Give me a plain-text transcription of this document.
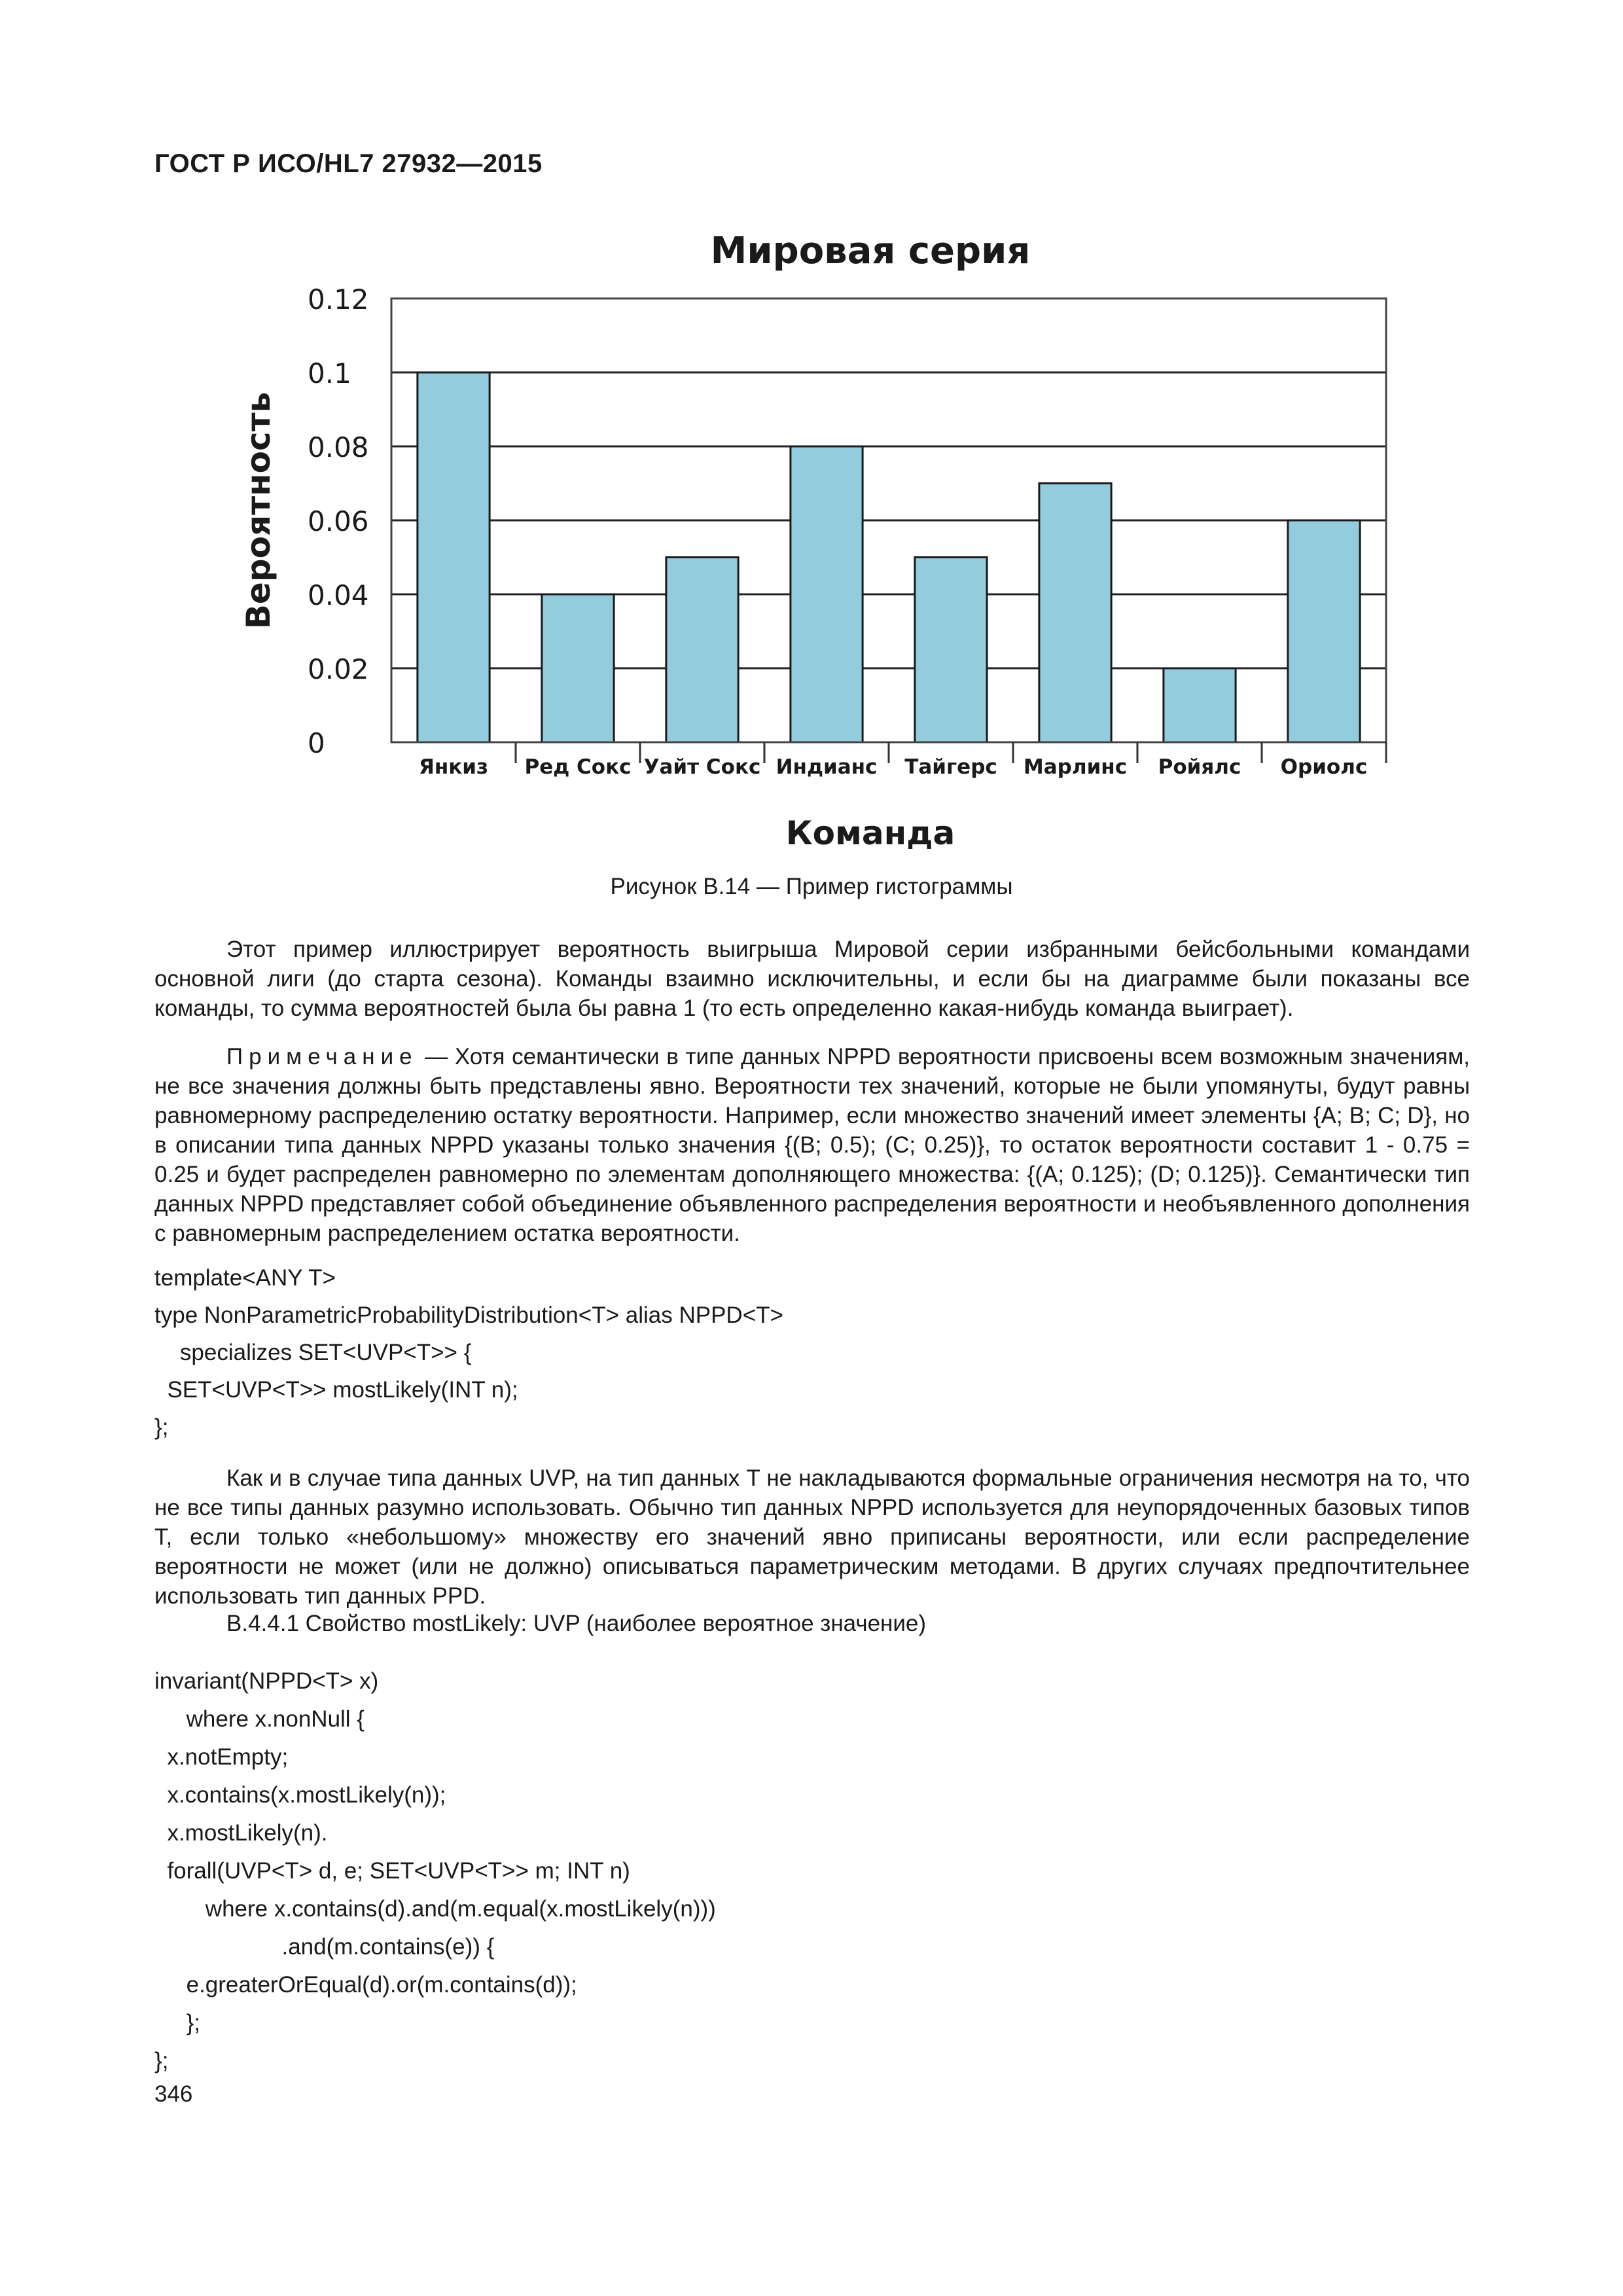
ГОСТ Р ИСО/HL7 27932—2015
0
0.02
0.04
0.06
0.08
0.1
0.12
Янкиз Ред Сокс Уайт Сокс Индианс Тайгерс Марлинс Ройялс Ориолс
Мировая серия
Команда
Вероятность
Рисунок В.14 — Пример гистограммы

Этот пример иллюстрирует вероятность выигрыша Мировой серии избранными бейсбольными командами основной лиги (до старта сезона). Команды взаимно исключительны, и если бы на диаграмме были показаны все команды, то сумма вероятностей была бы равна 1 (то есть определенно какая-нибудь команда выиграет).

Примечание — Хотя семантически в типе данных NPPD вероятности присвоены всем возможным значениям, не все значения должны быть представлены явно. Вероятности тех значений, которые не были упомянуты, будут равны равномерному распределению остатку вероятности. Например, если множество значений имеет элементы {A; B; C; D}, но в описании типа данных NPPD указаны только значения {(B; 0.5); (C; 0.25)}, то остаток вероятности составит 1 - 0.75 = 0.25 и будет распределен равномерно по элементам дополняющего множества: {(A; 0.125); (D; 0.125)}. Семантически тип данных NPPD представляет собой объединение объявленного распределения вероятности и необъявленного дополнения с равномерным распределением остатка вероятности.

template<ANY T>
type NonParametricProbabilityDistribution<T> alias NPPD<T>
specializes SET<UVP<T>> {
SET<UVP<T>> mostLikely(INT n);
};

Как и в случае типа данных UVP, на тип данных T не накладываются формальные ограничения несмотря на то, что не все типы данных разумно использовать. Обычно тип данных NPPD используется для неупорядоченных базовых типов T, если только «небольшому» множеству его значений явно приписаны вероятности, или если распределение вероятности не может (или не должно) описываться параметрическим методами. В других случаях предпочтительнее использовать тип данных PPD.

В.4.4.1 Свойство mostLikely: UVP (наиболее вероятное значение)
invariant(NPPD<T> x)
where x.nonNull {
x.notEmpty;
x.contains(x.mostLikely(n));
x.mostLikely(n).
forall(UVP<T> d, e; SET<UVP<T>> m; INT n)
where x.contains(d).and(m.equal(x.mostLikely(n)))
.and(m.contains(e)) {
e.greaterOrEqual(d).or(m.contains(d));
};
};
346
